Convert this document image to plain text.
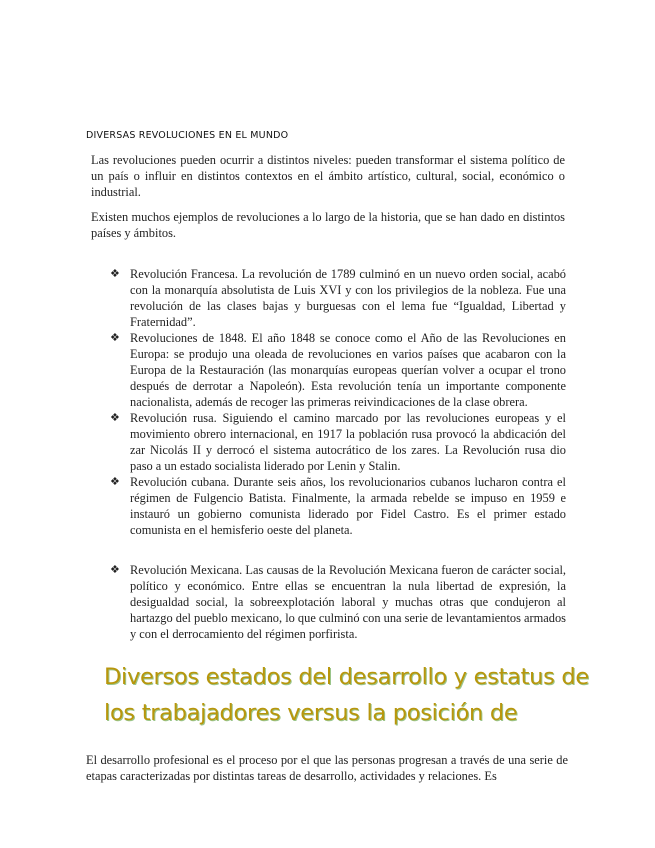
DIVERSAS REVOLUCIONES EN EL MUNDO

Las revoluciones pueden ocurrir a distintos niveles: pueden transformar el sistema político de un país o influir en distintos contextos en el ámbito artístico, cultural, social, económico o industrial.

Existen muchos ejemplos de revoluciones a lo largo de la historia, que se han dado en distintos países y ámbitos.

❖ Revolución Francesa. La revolución de 1789 culminó en un nuevo orden social, acabó con la monarquía absolutista de Luis XVI y con los privilegios de la nobleza. Fue una revolución de las clases bajas y burguesas con el lema fue “Igualdad, Libertad y Fraternidad”.
❖ Revoluciones de 1848. El año 1848 se conoce como el Año de las Revoluciones en Europa: se produjo una oleada de revoluciones en varios países que acabaron con la Europa de la Restauración (las monarquías europeas querían volver a ocupar el trono después de derrotar a Napoleón). Esta revolución tenía un importante componente nacionalista, además de recoger las primeras reivindicaciones de la clase obrera.
❖ Revolución rusa. Siguiendo el camino marcado por las revoluciones europeas y el movimiento obrero internacional, en 1917 la población rusa provocó la abdicación del zar Nicolás II y derrocó el sistema autocrático de los zares. La Revolución rusa dio paso a un estado socialista liderado por Lenin y Stalin.
❖ Revolución cubana. Durante seis años, los revolucionarios cubanos lucharon contra el régimen de Fulgencio Batista. Finalmente, la armada rebelde se impuso en 1959 e instauró un gobierno comunista liderado por Fidel Castro. Es el primer estado comunista en el hemisferio oeste del planeta.
❖ Revolución Mexicana. Las causas de la Revolución Mexicana fueron de carácter social, político y económico. Entre ellas se encuentran la nula libertad de expresión, la desigualdad social, la sobreexplotación laboral y muchas otras que condujeron al hartazgo del pueblo mexicano, lo que culminó con una serie de levantamientos armados y con el derrocamiento del régimen porfirista.
Diversos estados del desarrollo y estatus de los trabajadores versus la posición de

El desarrollo profesional es el proceso por el que las personas progresan a través de una serie de etapas caracterizadas por distintas tareas de desarrollo, actividades y relaciones. Es
